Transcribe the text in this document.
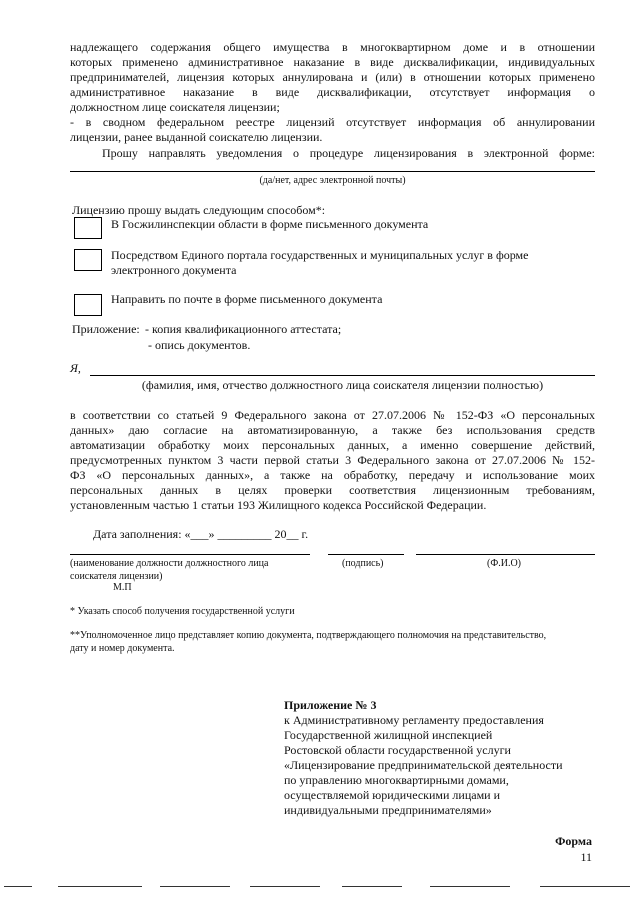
надлежащего содержания общего имущества в многоквартирном доме и в отношении
которых применено административное наказание в виде дисквалификации, индивидуальных
предпринимателей, лицензия которых аннулирована и (или) в отношении которых применено
административное наказание в виде дисквалификации, отсутствует информация о
должностном лице соискателя лицензии;
- в сводном федеральном реестре лицензий отсутствует информация об аннулировании
лицензии, ранее выданной соискателю лицензии.
Прошу направлять уведомления о процедуре лицензирования в электронной форме:
(да/нет, адрес электронной почты)
Лицензию прошу выдать следующим способом*:
В Госжилинспекции области в форме письменного документа
Посредством Единого портала государственных и муниципальных услуг в форме
электронного документа
Направить по почте в форме письменного документа
Приложение: - копия квалификационного аттестата;
- опись документов.
Я,
(фамилия, имя, отчество должностного лица соискателя лицензии полностью)
в соответствии со статьей 9 Федерального закона от 27.07.2006 № 152-ФЗ «О персональных
данных» даю согласие на автоматизированную, а также без использования средств
автоматизации обработку моих персональных данных, а именно совершение действий,
предусмотренных пунктом 3 части первой статьи 3 Федерального закона от 27.07.2006 № 152-
ФЗ «О персональных данных», а также на обработку, передачу и использование моих
персональных данных в целях проверки соответствия лицензионным требованиям,
установленным частью 1 статьи 193 Жилищного кодекса Российской Федерации.
Дата заполнения: «___» _________ 20__ г.
(наименование должности должностного лица
соискателя лицензии)
(подпись)	(Ф.И.О)
М.П
* Указать способ получения государственной услуги
**Уполномоченное лицо представляет копию документа, подтверждающего полномочия на представительство,
дату и номер документа.
Приложение № 3
к Административному регламенту предоставления
Государственной жилищной инспекцией
Ростовской области государственной услуги
«Лицензирование предпринимательской деятельности
по управлению многоквартирными домами,
осуществляемой юридическими лицами и
индивидуальными предпринимателями»
Форма
11
